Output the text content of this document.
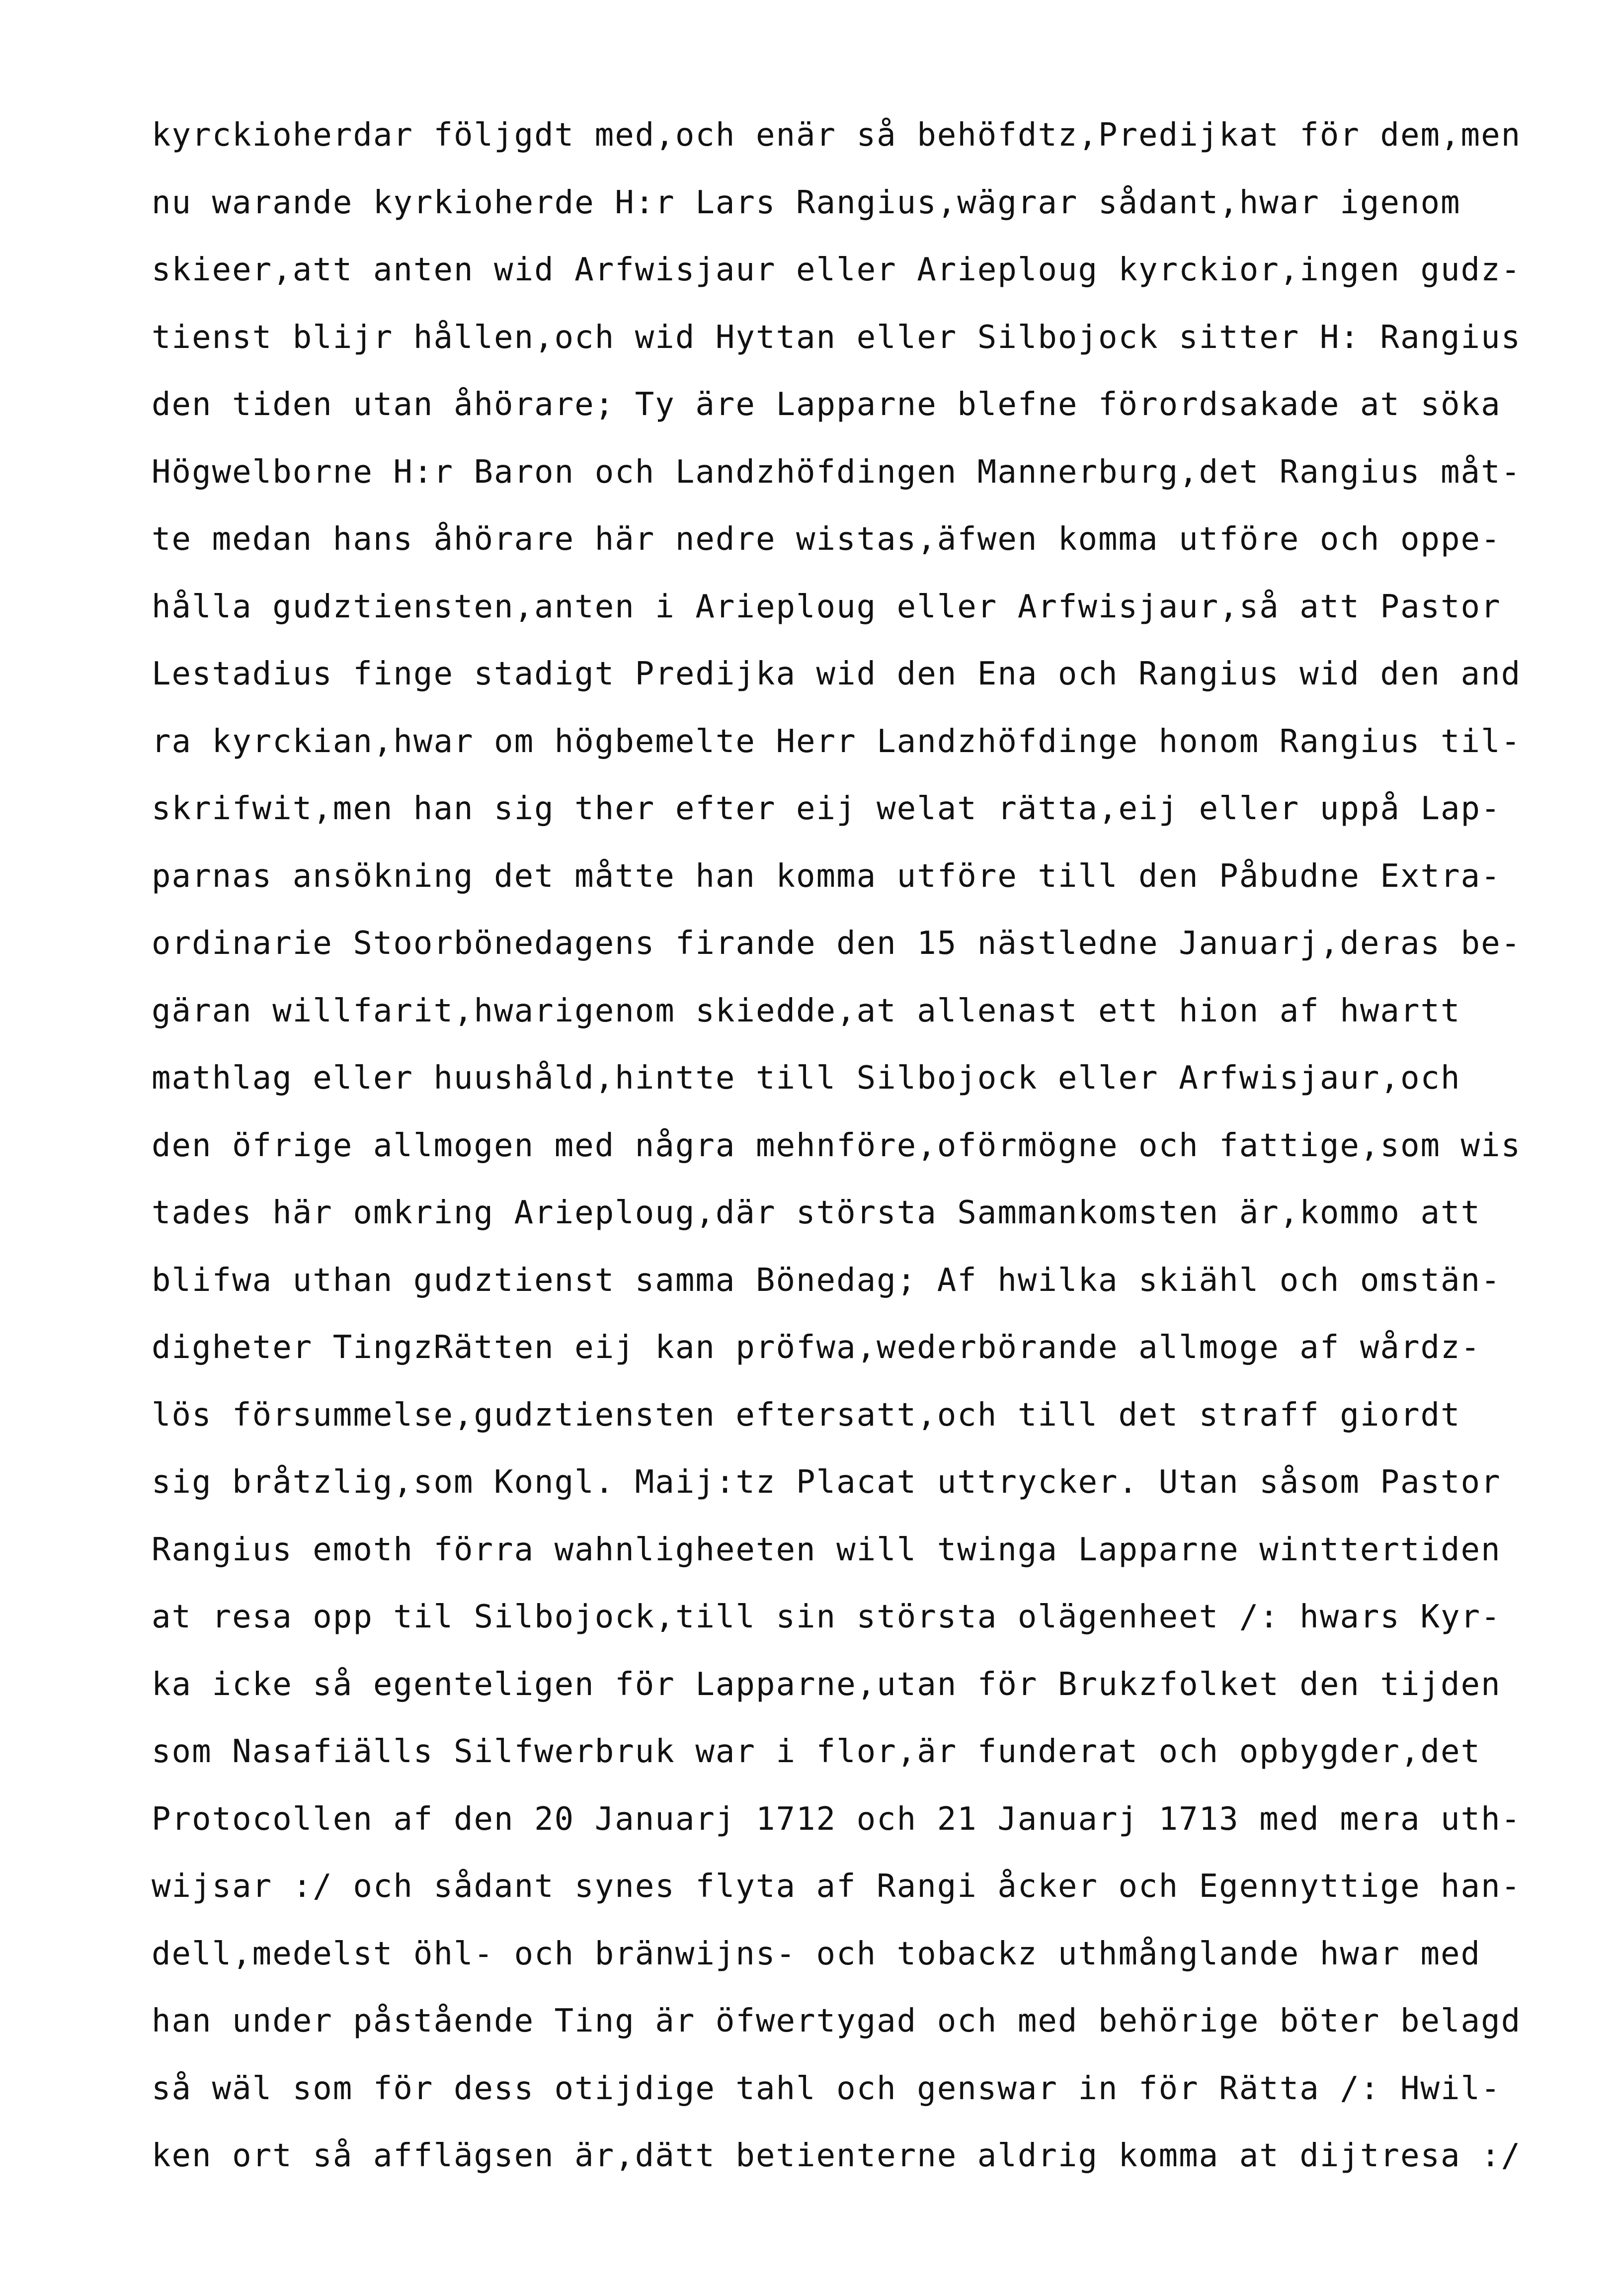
kyrckioherdar följgdt med,och enär så behöfdtz,Predijkat för dem,men
nu warande kyrkioherde H:r Lars Rangius,wägrar sådant,hwar igenom
skieer,att anten wid Arfwisjaur eller Arieploug kyrckior,ingen gudz-
tienst blijr hållen,och wid Hyttan eller Silbojock sitter H: Rangius
den tiden utan åhörare; Ty äre Lapparne blefne förordsakade at söka
Högwelborne H:r Baron och Landzhöfdingen Mannerburg,det Rangius måt-
te medan hans åhörare här nedre wistas,äfwen komma utföre och oppe-
hålla gudztiensten,anten i Arieploug eller Arfwisjaur,så att Pastor
Lestadius finge stadigt Predijka wid den Ena och Rangius wid den and
ra kyrckian,hwar om högbemelte Herr Landzhöfdinge honom Rangius til-
skrifwit,men han sig ther efter eij welat rätta,eij eller uppå Lap-
parnas ansökning det måtte han komma utföre till den Påbudne Extra-
ordinarie Stoorbönedagens firande den 15 nästledne Januarj,deras be-
gäran willfarit,hwarigenom skiedde,at allenast ett hion af hwartt
mathlag eller huushåld,hintte till Silbojock eller Arfwisjaur,och
den öfrige allmogen med några mehnföre,oförmögne och fattige,som wis
tades här omkring Arieploug,där största Sammankomsten är,kommo att
blifwa uthan gudztienst samma Bönedag; Af hwilka skiähl och omstän-
digheter TingzRätten eij kan pröfwa,wederbörande allmoge af wårdz-
lös försummelse,gudztiensten eftersatt,och till det straff giordt
sig bråtzlig,som Kongl. Maij:tz Placat uttrycker. Utan såsom Pastor
Rangius emoth förra wahnligheeten will twinga Lapparne winttertiden
at resa opp til Silbojock,till sin största olägenheet /: hwars Kyr-
ka icke så egenteligen för Lapparne,utan för Brukzfolket den tijden
som Nasafiälls Silfwerbruk war i flor,är funderat och opbygder,det
Protocollen af den 20 Januarj 1712 och 21 Januarj 1713 med mera uth-
wijsar :/ och sådant synes flyta af Rangi åcker och Egennyttige han-
dell,medelst öhl- och bränwijns- och tobackz uthmånglande hwar med
han under påstående Ting är öfwertygad och med behörige böter belagd
så wäl som för dess otijdige tahl och genswar in för Rätta /: Hwil-
ken ort så afflägsen är,dätt betienterne aldrig komma at dijtresa :/
